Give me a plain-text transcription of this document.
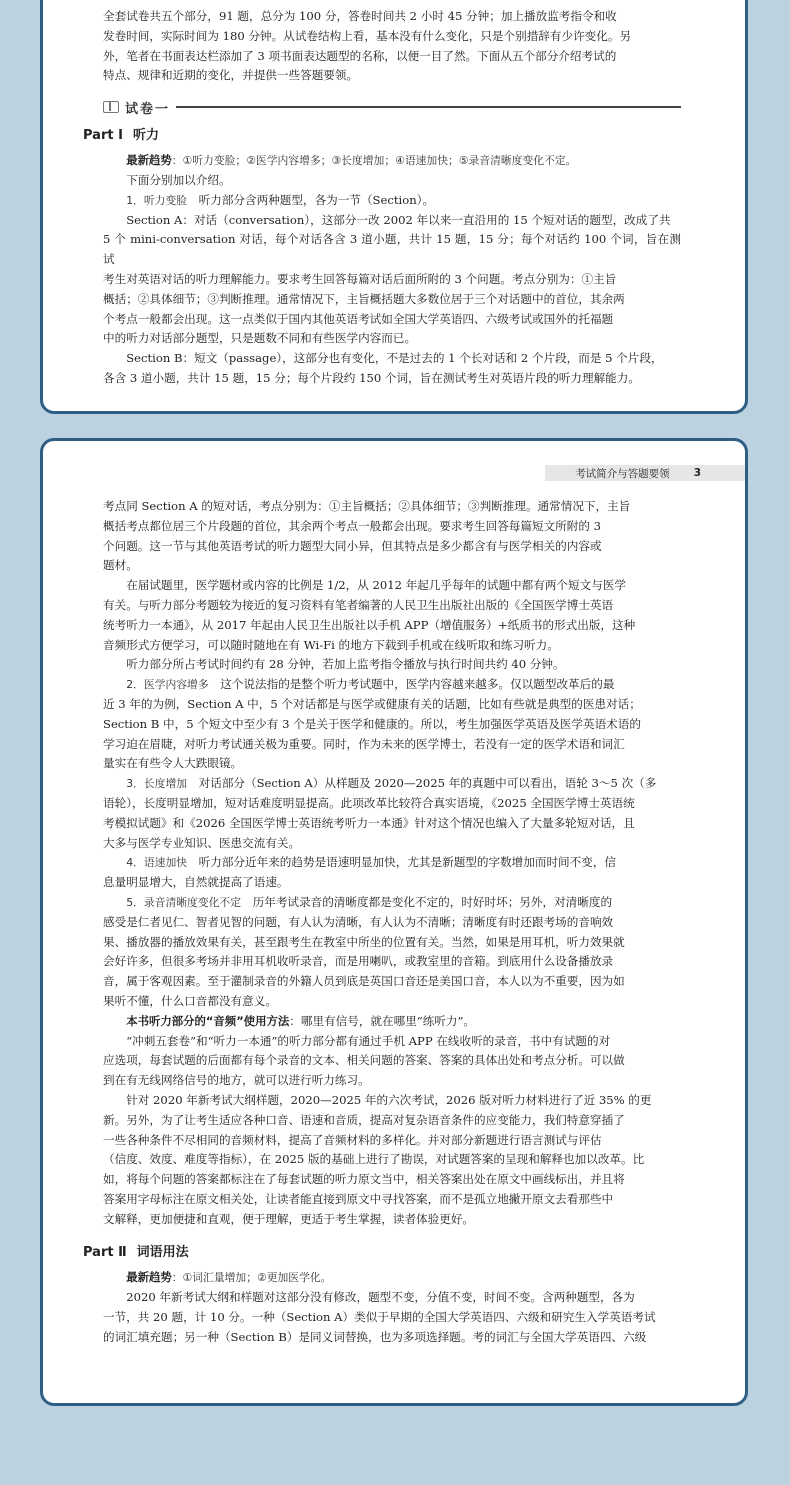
全套试卷共五个部分，91 题，总分为 100 分，答卷时间共 2 小时 45 分钟；加上播放监考指令和收

发卷时间，实际时间为 180 分钟。从试卷结构上看，基本没有什么变化，只是个别措辞有少许变化。另

外，笔者在书面表达栏添加了 3 项书面表达题型的名称，以便一目了然。下面从五个部分介绍考试的

特点、规律和近期的变化，并提供一些答题要领。

试卷一
Part Ⅰ 听力

最新趋势：①听力变脸；②医学内容增多；③长度增加；④语速加快；⑤录音清晰度变化不定。

下面分别加以介绍。

1．听力变脸　听力部分含两种题型，各为一节（Section）。

Section A：对话（conversation），这部分一改 2002 年以来一直沿用的 15 个短对话的题型，改成了共

5 个 mini-conversation 对话，每个对话各含 3 道小题，共计 15 题，15 分；每个对话约 100 个词，旨在测试

考生对英语对话的听力理解能力。要求考生回答每篇对话后面所附的 3 个问题。考点分别为：①主旨

概括；②具体细节；③判断推理。通常情况下，主旨概括题大多数位居于三个对话题中的首位，其余两

个考点一般都会出现。这一点类似于国内其他英语考试如全国大学英语四、六级考试或国外的托福题

中的听力对话部分题型，只是题数不同和有些医学内容而已。

Section B：短文（passage），这部分也有变化，不是过去的 1 个长对话和 2 个片段，而是 5 个片段，

各含 3 道小题，共计 15 题，15 分；每个片段约 150 个词，旨在测试考生对英语片段的听力理解能力。

考试简介与答题要领 3

考点同 Section A 的短对话，考点分别为：①主旨概括；②具体细节；③判断推理。通常情况下，主旨

概括考点都位居三个片段题的首位，其余两个考点一般都会出现。要求考生回答每篇短文所附的 3

个问题。这一节与其他英语考试的听力题型大同小异，但其特点是多少都含有与医学相关的内容或

题材。

在届试题里，医学题材或内容的比例是 1/2，从 2012 年起几乎每年的试题中都有两个短文与医学

有关。与听力部分考题较为接近的复习资料有笔者编著的人民卫生出版社出版的《全国医学博士英语

统考听力一本通》，从 2017 年起由人民卫生出版社以手机 APP（增值服务）+纸质书的形式出版，这种

音频形式方便学习，可以随时随地在有 Wi-Fi 的地方下载到手机或在线听取和练习听力。

听力部分所占考试时间约有 28 分钟，若加上监考指令播放与执行时间共约 40 分钟。

2．医学内容增多　这个说法指的是整个听力考试题中，医学内容越来越多。仅以题型改革后的最

近 3 年的为例，Section A 中，5 个对话都是与医学或健康有关的话题，比如有些就是典型的医患对话；

Section B 中，5 个短文中至少有 3 个是关于医学和健康的。所以，考生加强医学英语及医学英语术语的

学习迫在眉睫，对听力考试通关极为重要。同时，作为未来的医学博士，若没有一定的医学术语和词汇

量实在有些令人大跌眼镜。

3．长度增加　对话部分（Section A）从样题及 2020—2025 年的真题中可以看出，语轮 3～5 次（多

语轮），长度明显增加，短对话难度明显提高。此项改革比较符合真实语境，《2025 全国医学博士英语统

考模拟试题》和《2026 全国医学博士英语统考听力一本通》针对这个情况也编入了大量多轮短对话，且

大多与医学专业知识、医患交流有关。

4．语速加快　听力部分近年来的趋势是语速明显加快，尤其是新题型的字数增加而时间不变，信

息量明显增大，自然就提高了语速。

5．录音清晰度变化不定　历年考试录音的清晰度都是变化不定的，时好时坏；另外，对清晰度的

感受是仁者见仁、智者见智的问题，有人认为清晰，有人认为不清晰；清晰度有时还跟考场的音响效

果、播放器的播放效果有关，甚至跟考生在教室中所坐的位置有关。当然，如果是用耳机，听力效果就

会好许多，但很多考场并非用耳机收听录音，而是用喇叭，或教室里的音箱。到底用什么设备播放录

音，属于客观因素。至于灌制录音的外籍人员到底是英国口音还是美国口音，本人以为不重要，因为如

果听不懂，什么口音都没有意义。

本书听力部分的“音频”使用方法：哪里有信号，就在哪里“练听力”。

“冲刺五套卷”和“听力一本通”的听力部分都有通过手机 APP 在线收听的录音，书中有试题的对

应选项，每套试题的后面都有每个录音的文本、相关问题的答案、答案的具体出处和考点分析。可以做

到在有无线网络信号的地方，就可以进行听力练习。

针对 2020 年新考试大纲样题，2020—2025 年的六次考试，2026 版对听力材料进行了近 35% 的更

新。另外，为了让考生适应各种口音、语速和音质，提高对复杂语音条件的应变能力，我们特意穿插了

一些各种条件不尽相同的音频材料，提高了音频材料的多样化。并对部分新题进行语言测试与评估

（信度、效度、难度等指标），在 2025 版的基础上进行了勘误，对试题答案的呈现和解释也加以改革。比

如，将每个问题的答案都标注在了每套试题的听力原文当中，相关答案出处在原文中画线标出，并且将

答案用字母标注在原文相关处，让读者能直接到原文中寻找答案，而不是孤立地撇开原文去看那些中

文解释，更加便捷和直观，便于理解，更适于考生掌握，读者体验更好。

Part Ⅱ 词语用法

最新趋势：①词汇量增加；②更加医学化。

2020 年新考试大纲和样题对这部分没有修改，题型不变，分值不变，时间不变。含两种题型，各为

一节，共 20 题，计 10 分。一种（Section A）类似于早期的全国大学英语四、六级和研究生入学英语考试

的词汇填充题；另一种（Section B）是同义词替换，也为多项选择题。考的词汇与全国大学英语四、六级
